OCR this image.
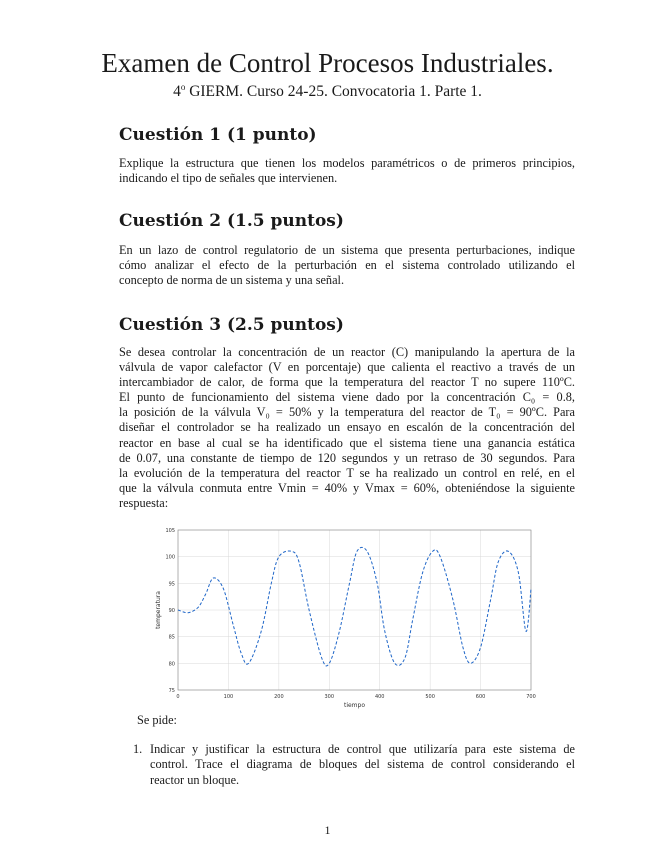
Examen de Control Procesos Industriales.
4$^o$ GIERM. Curso 24-25. Convocatoria 1. Parte 1.
Cuestión 1 (1 punto)
Explique la estructura que tienen los modelos paramétricos o de primeros principios,
indicando el tipo de señales que intervienen.
Cuestión 2 (1.5 puntos)
En un lazo de control regulatorio de un sistema que presenta perturbaciones, indique
cómo analizar el efecto de la perturbación en el sistema controlado utilizando el
concepto de norma de un sistema y una señal.
Cuestión 3 (2.5 puntos)
Se desea controlar la concentración de un reactor (C) manipulando la apertura de la
válvula de vapor calefactor (V en porcentaje) que calienta el reactivo a través de un
intercambiador de calor, de forma que la temperatura del reactor T no supere 110ºC.
El punto de funcionamiento del sistema viene dado por la concentración C₀ = 0.8,
la posición de la válvula V₀ = 50% y la temperatura del reactor de T₀ = 90ºC. Para
diseñar el controlador se ha realizado un ensayo en escalón de la concentración del
reactor en base al cual se ha identificado que el sistema tiene una ganancia estática
de 0.07, una constante de tiempo de 120 segundos y un retraso de 30 segundos. Para
la evolución de la temperatura del reactor T se ha realizado un control en relé, en el
que la válvula conmuta entre Vmin = 40% y Vmax = 60%, obteniéndose la siguiente
respuesta:
0	100	200	300	400	500	600	700
75
80
85
90
95
100
105
tiempo
temperatura
Se pide:
1. Indicar y justificar la estructura de control que utilizaría para este sistema de
control. Trace el diagrama de bloques del sistema de control considerando el
reactor un bloque.
1
